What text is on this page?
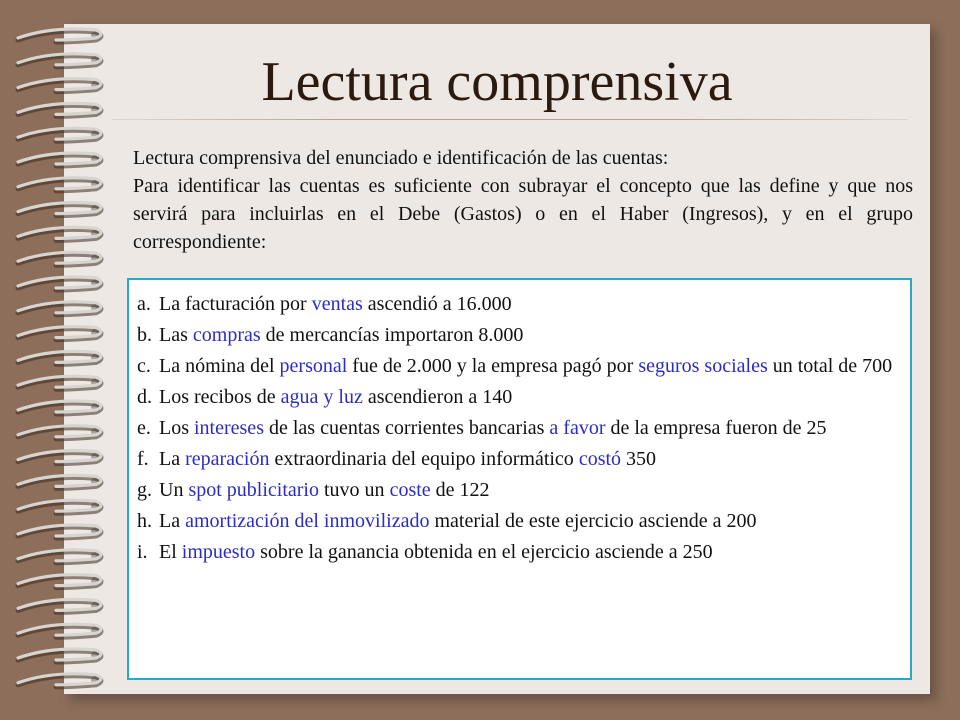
Lectura comprensiva

Lectura comprensiva del enunciado e identificación de las cuentas:

Para identificar las cuentas es suficiente con subrayar el concepto que las define y que nos servirá para incluirlas en el Debe (Gastos) o en el Haber (Ingresos), y en el grupo correspondiente:

a. La facturación por ventas ascendió a 16.000
b. Las compras de mercancías importaron 8.000
c. La nómina del personal fue de 2.000 y la empresa pagó por seguros sociales un total de 700
d. Los recibos de agua y luz ascendieron a 140
e. Los intereses de las cuentas corrientes bancarias a favor de la empresa fueron de 25
f. La reparación extraordinaria del equipo informático costó 350
g. Un spot publicitario tuvo un coste de 122
h. La amortización del inmovilizado material de este ejercicio asciende a 200
i. El impuesto sobre la ganancia obtenida en el ejercicio asciende a 250
